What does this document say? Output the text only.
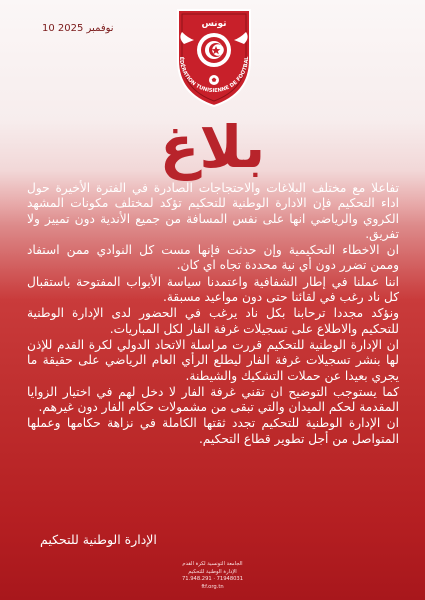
10 نوفمبر 2025	تونس
ÉDÉRATION TUNISIENNE DE FOOTBAL
بلاغ

تفاعلا مع مختلف البلاغات والاحتجاجات الصادرة في الفترة الأخيرة حول اداء التحكيم فإن الادارة الوطنية للتحكيم تؤكد لمختلف مكونات المشهد الكروي والرياضي انها على نفس المسافة من جميع الأندية دون تمييز ولا تفريق.

ان الاخطاء التحكيمية وإن حدثت فإنها مست كل النوادي ممن استفاد وممن تضرر دون أي نية محددة تجاه اي كان.

اننا عملنا في إطار الشفافية واعتمدنا سياسة الأبواب المفتوحة باستقبال كل ناد رغب في لقائنا حتى دون مواعيد مسبقة.

ونؤكد مجددا ترحابنا بكل ناد يرغب في الحضور لدى الإدارة الوطنية للتحكيم والاطلاع على تسجيلات غرفة الفار لكل المباريات.

ان الإدارة الوطنية للتحكيم قررت مراسلة الاتحاد الدولي لكرة القدم للإذن لها بنشر تسجيلات غرفة الفار ليطلع الرأي العام الرياضي على حقيقة ما يجري بعيدا عن حملات التشكيك والشيطنة.

كما يستوجب التوضيح ان تقني غرفة الفار لا دخل لهم في اختيار الزوايا المقدمة لحكم الميدان والتي تبقى من مشمولات حكام الفار دون غيرهم.

ان الإدارة الوطنية للتحكيم تجدد ثقتها الكاملة في نزاهة حكامها وعملها المتواصل من أجل تطوير قطاع التحكيم.

الإدارة الوطنية للتحكيم
الجامعة التونسية لكرة القدم
الإدارة الوطنية للتحكيم
71.948.291 · 71948031
ftf.org.tn
